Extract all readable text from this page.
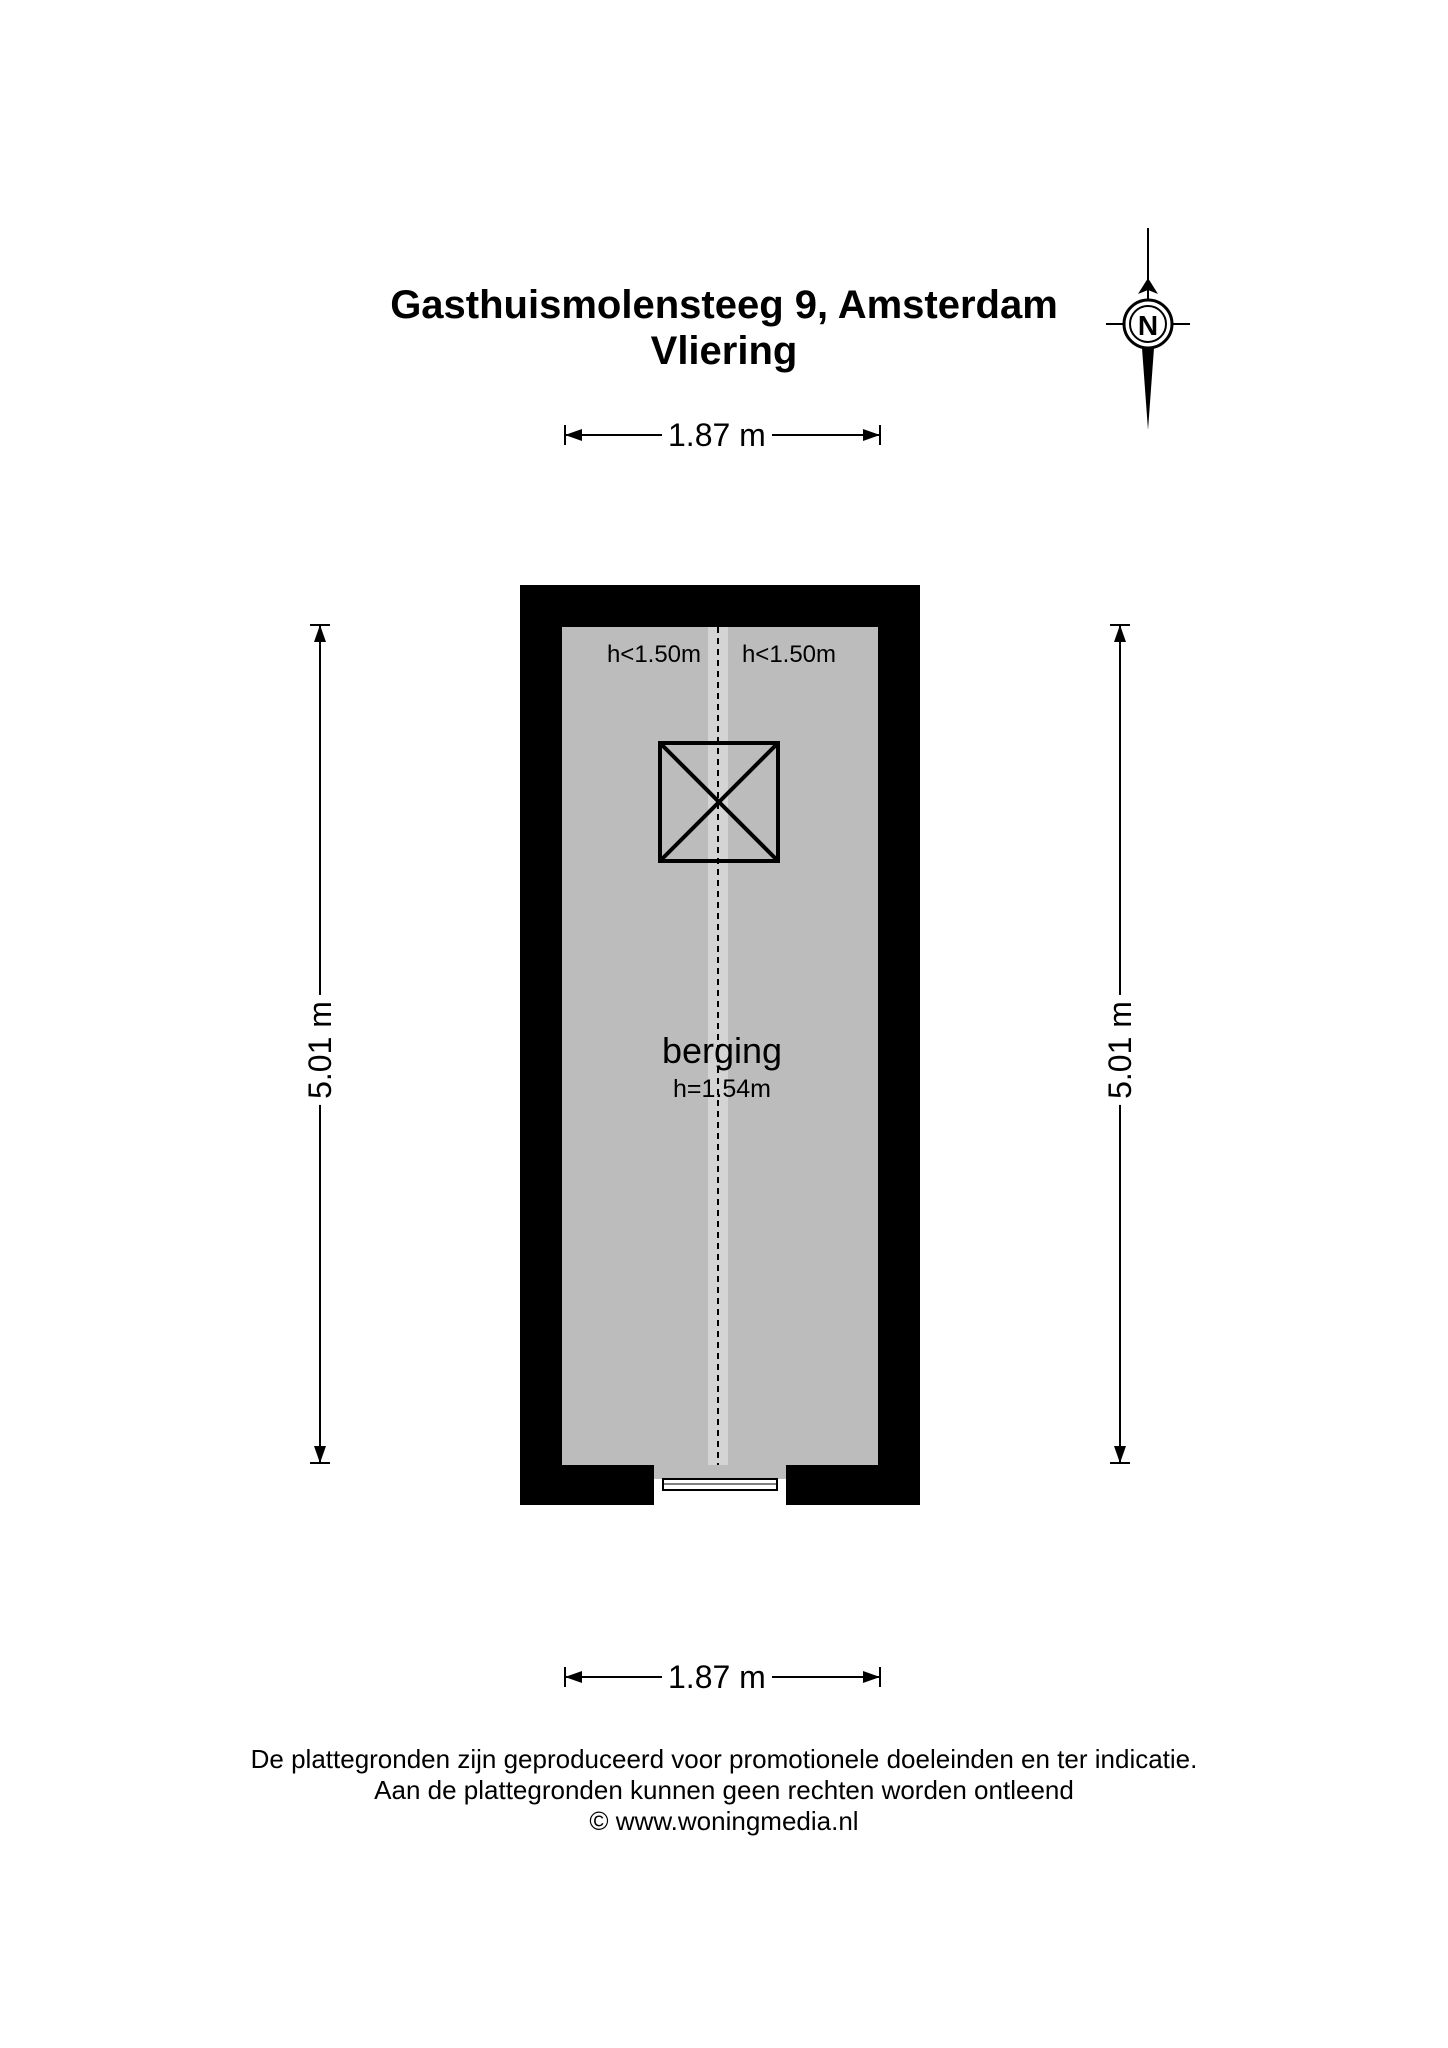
Gasthuismolensteeg 9, Amsterdam
Vliering
N
1.87 m
1.87 m
5.01 m	5.01 m
h<1.50m h<1.50m
berging
h=1.54m
De plattegronden zijn geproduceerd voor promotionele doeleinden en ter indicatie.
Aan de plattegronden kunnen geen rechten worden ontleend
© www.woningmedia.nl
